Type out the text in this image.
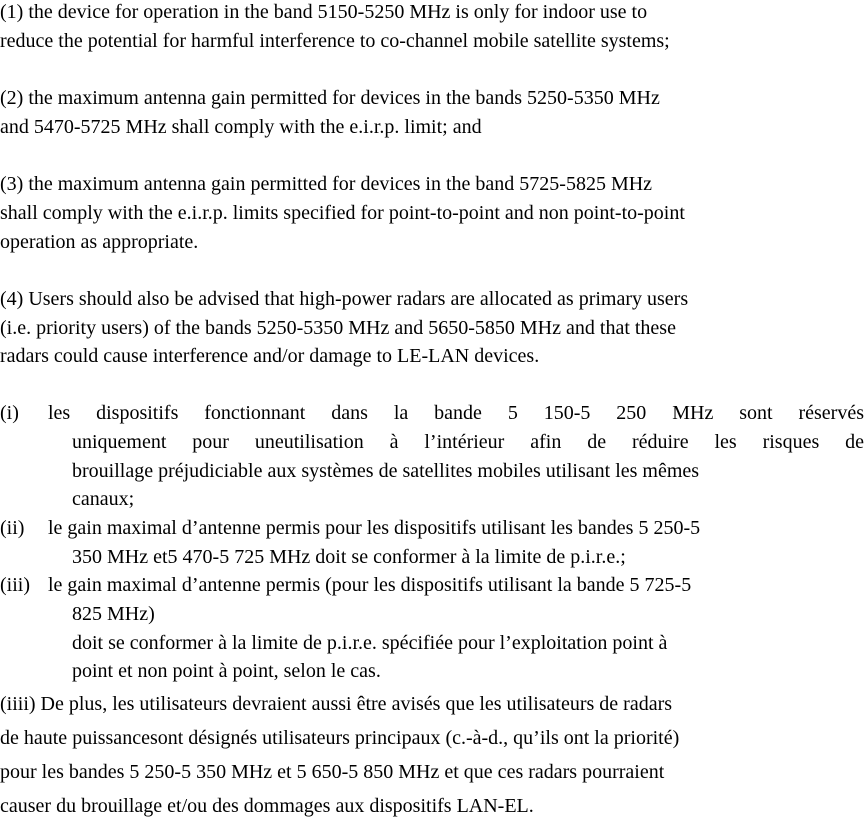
(1) the device for operation in the band 5150-5250 MHz is only for indoor use to
reduce the potential for harmful interference to co-channel mobile satellite systems;
(2) the maximum antenna gain permitted for devices in the bands 5250-5350 MHz
and 5470-5725 MHz shall comply with the e.i.r.p. limit; and
(3) the maximum antenna gain permitted for devices in the band 5725-5825 MHz
shall comply with the e.i.r.p. limits specified for point-to-point and non point-to-point
operation as appropriate.
(4) Users should also be advised that high-power radars are allocated as primary users
(i.e. priority users) of the bands 5250-5350 MHz and 5650-5850 MHz and that these
radars could cause interference and/or damage to LE-LAN devices.
(i) les dispositifs fonctionnant dans la bande 5 150-5 250 MHz sont réservés
uniquement pour uneutilisation à l’intérieur afin de réduire les risques de
brouillage préjudiciable aux systèmes de satellites mobiles utilisant les mêmes
canaux;
(ii) le gain maximal d’antenne permis pour les dispositifs utilisant les bandes 5 250-5
350 MHz et5 470-5 725 MHz doit se conformer à la limite de p.i.r.e.;
(iii) le gain maximal d’antenne permis (pour les dispositifs utilisant la bande 5 725-5
825 MHz)
doit se conformer à la limite de p.i.r.e. spécifiée pour l’exploitation point à
point et non point à point, selon le cas.
(iiii) De plus, les utilisateurs devraient aussi être avisés que les utilisateurs de radars
de haute puissancesont désignés utilisateurs principaux (c.-à-d., qu’ils ont la priorité)
pour les bandes 5 250-5 350 MHz et 5 650-5 850 MHz et que ces radars pourraient
causer du brouillage et/ou des dommages aux dispositifs LAN-EL.
